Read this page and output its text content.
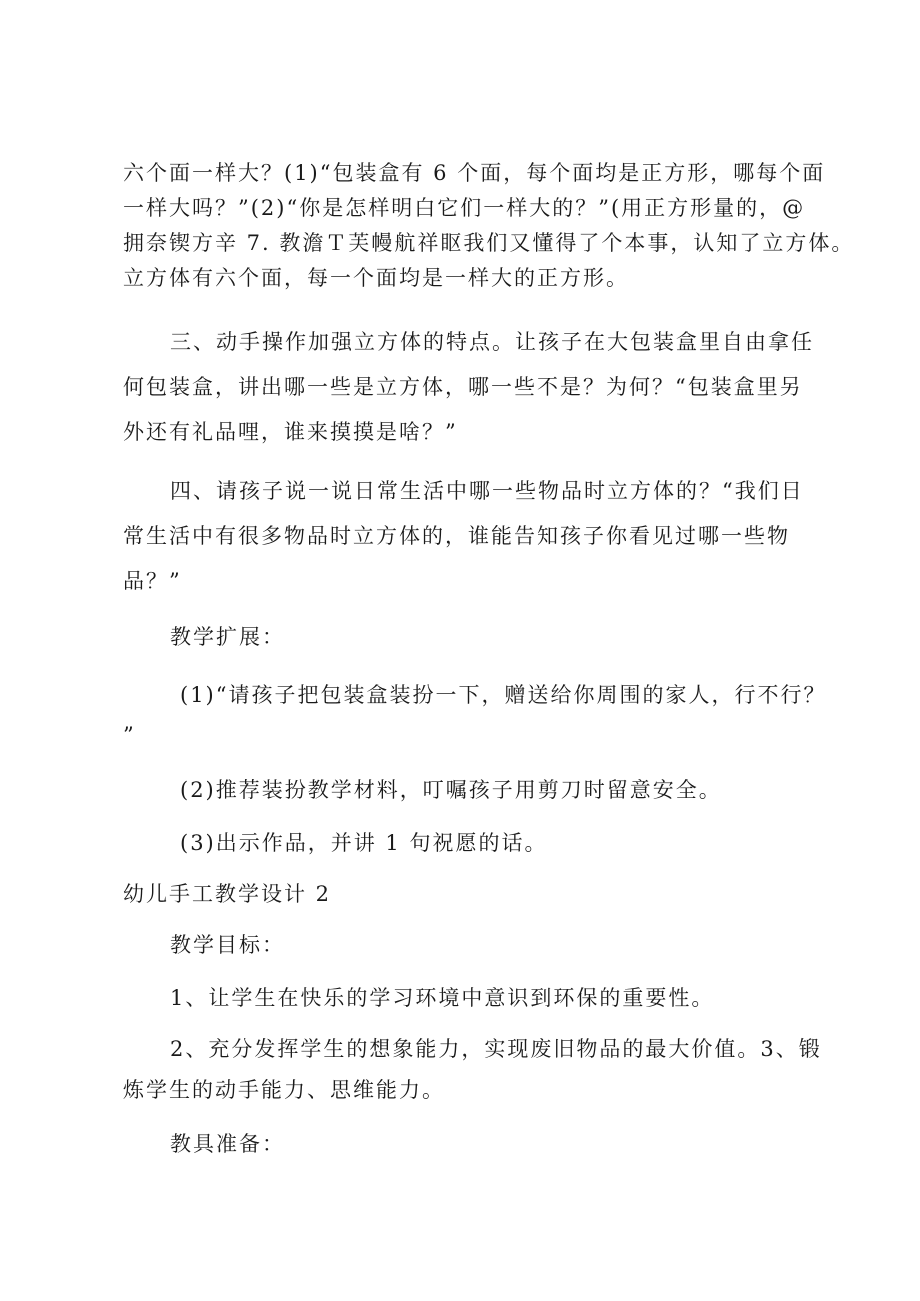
六个面一样大？(1)“包装盒有 6 个面，每个面均是正方形，哪每个面
一样大吗？”(2)“你是怎样明白它们一样大的？”(用正方形量的，@
拥奈锲方辛 7. 教澹Ｔ芙幔航祥眍我们又懂得了个本事，认知了立方体。
立方体有六个面，每一个面均是一样大的正方形。
三、动手操作加强立方体的特点。让孩子在大包装盒里自由拿任
何包装盒，讲出哪一些是立方体，哪一些不是？为何？“包装盒里另
外还有礼品哩，谁来摸摸是啥？”
四、请孩子说一说日常生活中哪一些物品时立方体的？“我们日
常生活中有很多物品时立方体的，谁能告知孩子你看见过哪一些物
品？”
教学扩展：
(1)“请孩子把包装盒装扮一下，赠送给你周围的家人，行不行？
”
(2)推荐装扮教学材料，叮嘱孩子用剪刀时留意安全。
(3)出示作品，并讲 1 句祝愿的话。
幼儿手工教学设计 2
教学目标：
1、让学生在快乐的学习环境中意识到环保的重要性。
2、充分发挥学生的想象能力，实现废旧物品的最大价值。3、锻
炼学生的动手能力、思维能力。
教具准备：
